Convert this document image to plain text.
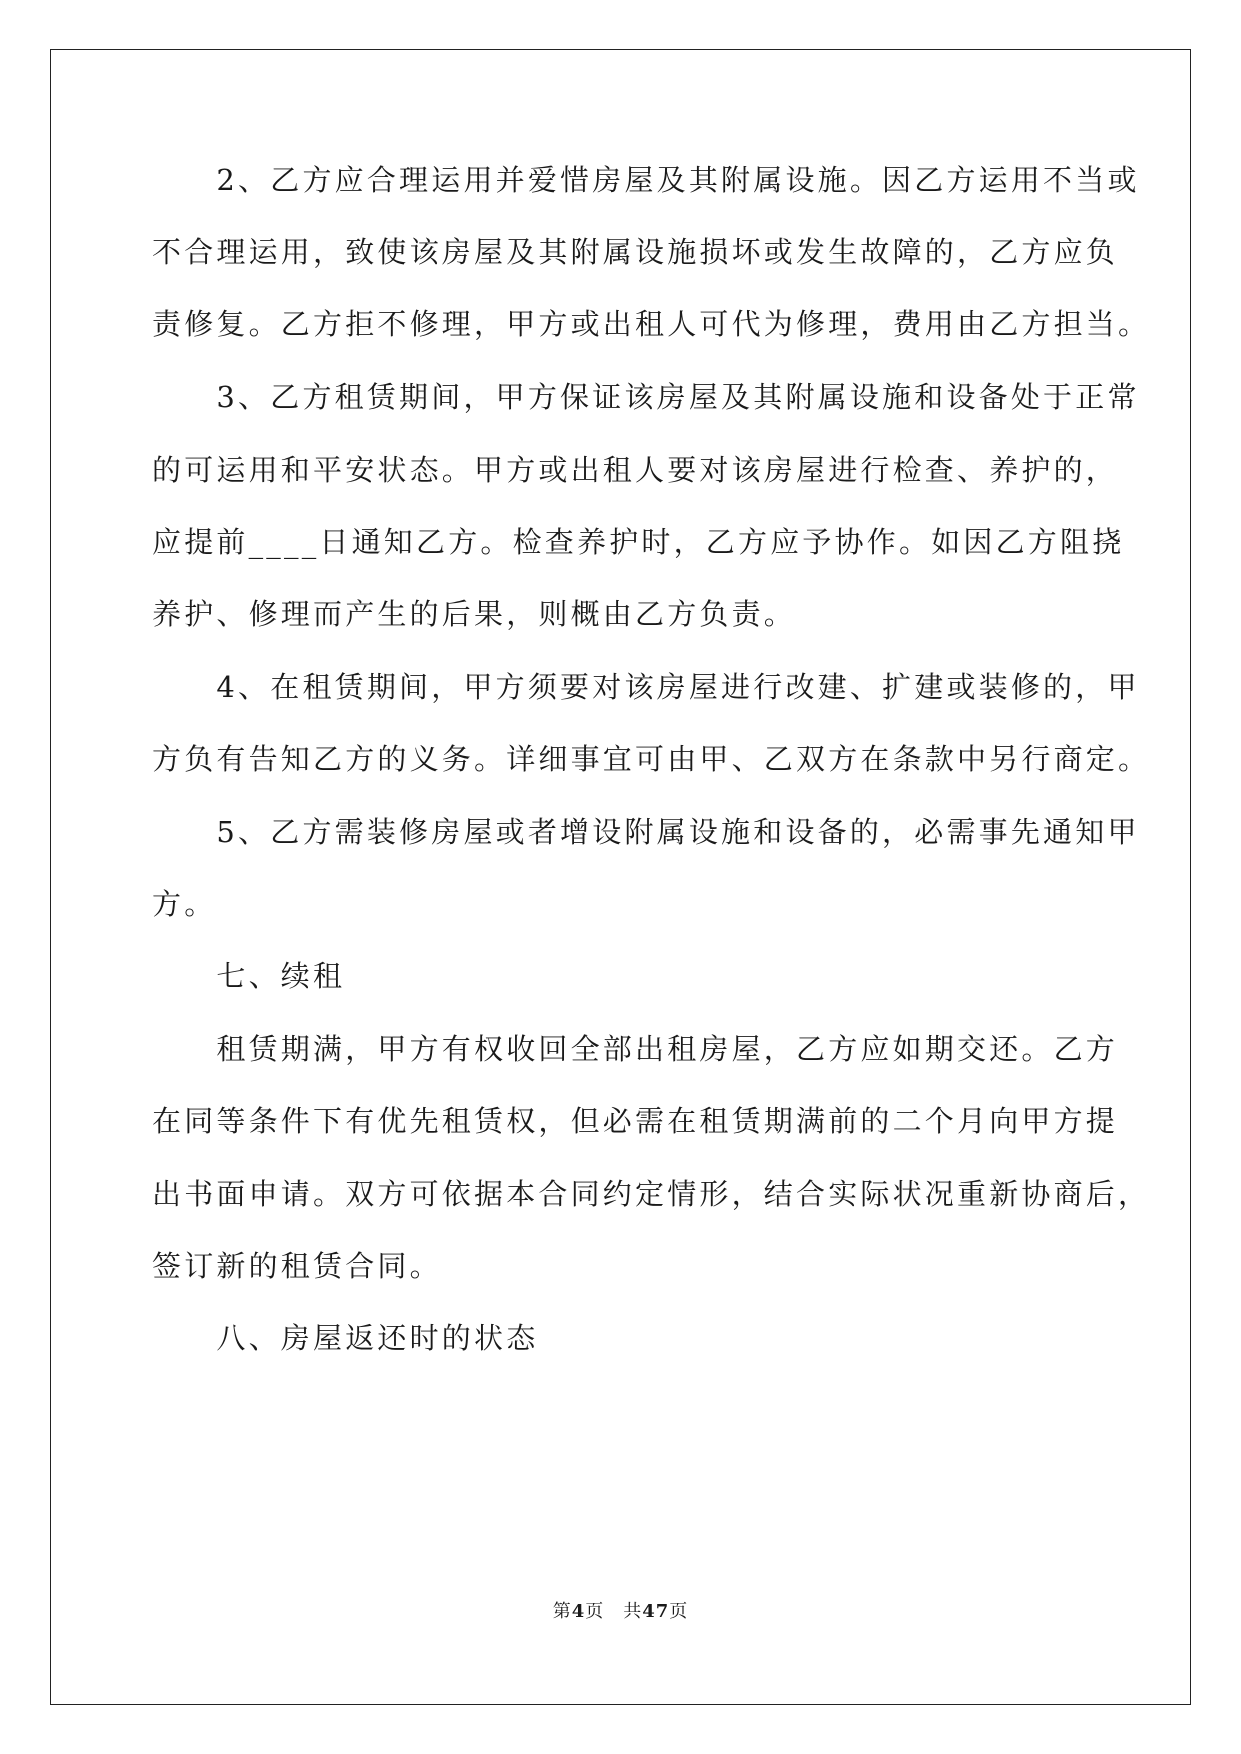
　　2、乙方应合理运用并爱惜房屋及其附属设施。因乙方运用不当或
不合理运用，致使该房屋及其附属设施损坏或发生故障的，乙方应负
责修复。乙方拒不修理，甲方或出租人可代为修理，费用由乙方担当。
　　3、乙方租赁期间，甲方保证该房屋及其附属设施和设备处于正常
的可运用和平安状态。甲方或出租人要对该房屋进行检查、养护的，
应提前____日通知乙方。检查养护时，乙方应予协作。如因乙方阻挠
养护、修理而产生的后果，则概由乙方负责。
　　4、在租赁期间，甲方须要对该房屋进行改建、扩建或装修的，甲
方负有告知乙方的义务。详细事宜可由甲、乙双方在条款中另行商定。
　　5、乙方需装修房屋或者增设附属设施和设备的，必需事先通知甲
方。
　　七、续租
　　租赁期满，甲方有权收回全部出租房屋，乙方应如期交还。乙方
在同等条件下有优先租赁权，但必需在租赁期满前的二个月向甲方提
出书面申请。双方可依据本合同约定情形，结合实际状况重新协商后，
签订新的租赁合同。
　　八、房屋返还时的状态
第4页　共47页
